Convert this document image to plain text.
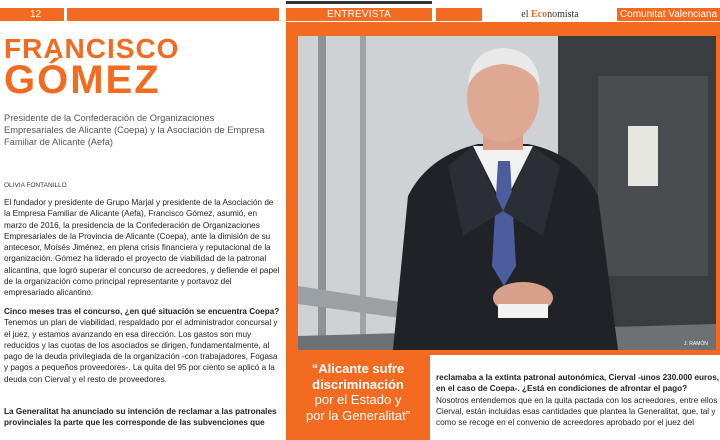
12	ENTREVISTA	el Economista	Comunitat Valenciana
FRANCISCO
GÓMEZ
Presidente de la Confederación de Organizaciones Empresariales de Alicante (Coepa) y la Asociación de Empresa Familiar de Alicante (Aefa)
OLIVIA FONTANILLO

El fundador y presidente de Grupo Marjal y presidente de la Asociación de la Empresa Familiar de Alicante (Aefa), Francisco Gómez, asumió, en marzo de 2016, la presidencia de la Confederación de Organizaciones Empresariales de la Provincia de Alicante (Coepa), ante la dimisión de su antecesor, Moisés Jiménez, en plena crisis financiera y reputacional de la organización. Gómez ha liderado el proyecto de viabilidad de la patronal alicantina, que logró superar el concurso de acreedores, y defiende el papel de la organización como principal representante y portavoz del empresariado alicantino.

Cinco meses tras el concurso, ¿en qué situación se encuentra Coepa? Tenemos un plan de viabilidad, respaldado por el administrador concursal y el juez, y estamos avanzando en esa dirección. Los gastos son muy reducidos y las cuotas de los asociados se dirigen, fundamentalmente, al pago de la deuda privilegiada de la organización -con trabajadores, Fogasa y pagos a pequeños proveedores-. La quita del 95 por ciento se aplicó a la deuda con Cierval y el resto de proveedores.

La Generalitat ha anunciado su intención de reclamar a las patronales provinciales la parte que les corresponde de las subvenciones que

J. RAMÓN
“Alicante sufre
discriminación
por el Estado y
por la Generalitat”

reclamaba a la extinta patronal autonómica, Cierval -unos 230.000 euros, en el caso de Coepa-. ¿Está en condiciones de afrontar el pago? Nosotros entendemos que en la quita pactada con los acreedores, entre ellos Cierval, están incluidas esas cantidades que plantea la Generalitat, que, tal y como se recoge en el convenio de acreedores aprobado por el juez del
